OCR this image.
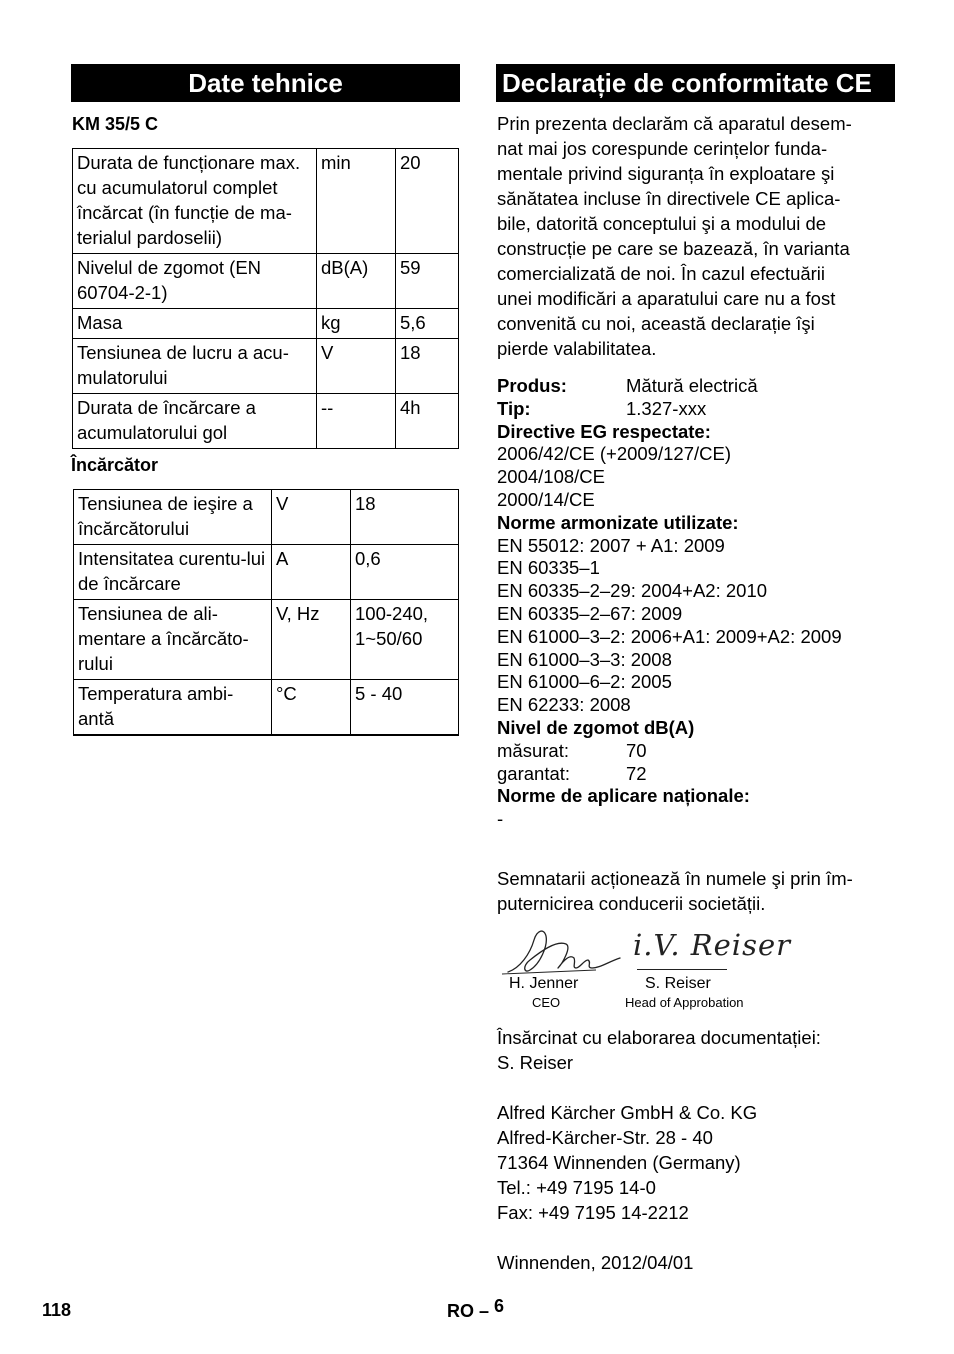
Date tehnice
KM 35/5 C
Durata de funcționare max. cu acumulatorul complet încărcat (în funcție de ma-terialul pardoselii)	min	20
Nivelul de zgomot (EN 60704-2-1)	dB(A)	59
Masa	kg	5,6
Tensiunea de lucru a acu-mulatorului	V	18
Durata de încărcare a acumulatorului gol	--	4h
Încărcător
Tensiunea de ieşire a încărcătorului	V	18
Intensitatea curentu-lui de încărcare	A	0,6
Tensiunea de ali-mentare a încărcăto-rului	V, Hz	100-240, 1~50/60
Temperatura ambi-antă	°C	5 - 40
Declarație de conformitate CE
Prin prezenta declarăm că aparatul desem-
nat mai jos corespunde cerințelor funda-
mentale privind siguranța în exploatare şi
sănătatea incluse în directivele CE aplica-
bile, datorită conceptului şi a modului de
construcție pe care se bazează, în varianta
comercializată de noi. În cazul efectuării
unei modificări a aparatului care nu a fost
convenită cu noi, această declarație îşi
pierde valabilitatea.
Produs:	Mătură electrică
Tip:	1.327-xxx
Directive EG respectate:
2006/42/CE (+2009/127/CE)
2004/108/CE
2000/14/CE
Norme armonizate utilizate:
EN 55012: 2007 + A1: 2009
EN 60335–1
EN 60335–2–29: 2004+A2: 2010
EN 60335–2–67: 2009
EN 61000–3–2: 2006+A1: 2009+A2: 2009
EN 61000–3–3: 2008
EN 61000–6–2: 2005
EN 62233: 2008
Nivel de zgomot dB(A)
măsurat:	70
garantat:	72
Norme de aplicare naționale:
-
Semnatarii acționează în numele şi prin îm-
puternicirea conducerii societății.
i.V. Reiser
H. Jenner
CEO
S. Reiser
Head of Approbation
Însărcinat cu elaborarea documentației:
S. Reiser
Alfred Kärcher GmbH & Co. KG
Alfred-Kärcher-Str. 28 - 40
71364 Winnenden (Germany)
Tel.: +49 7195 14-0
Fax: +49 7195 14-2212
Winnenden, 2012/04/01
118	RO – 6
